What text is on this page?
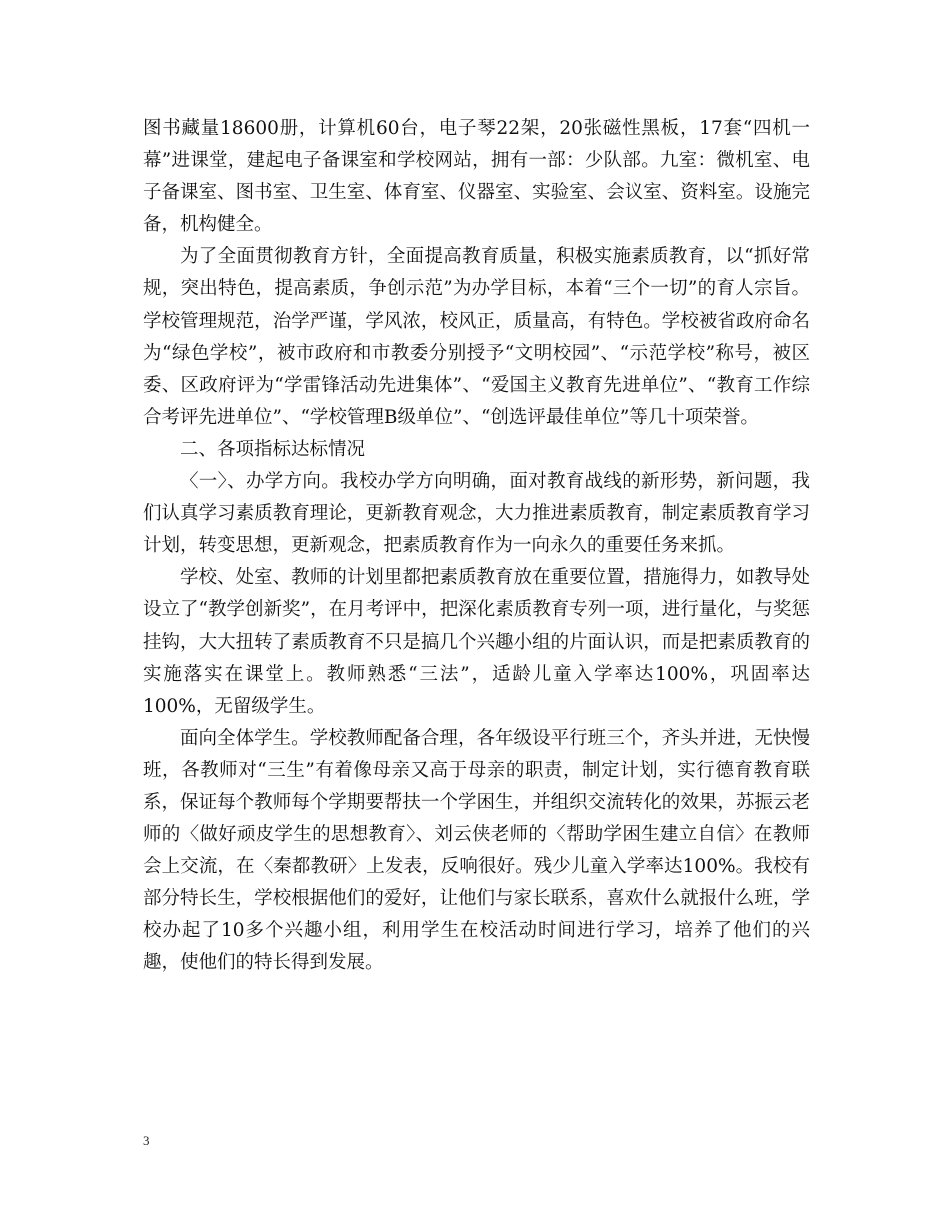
图书藏量18600册，计算机60台，电子琴22架，20张磁性黑板，17套“四机一幕”进课堂，建起电子备课室和学校网站，拥有一部：少队部。九室：微机室、电子备课室、图书室、卫生室、体育室、仪器室、实验室、会议室、资料室。设施完备，机构健全。

为了全面贯彻教育方针，全面提高教育质量，积极实施素质教育，以“抓好常规，突出特色，提高素质，争创示范”为办学目标，本着“三个一切”的育人宗旨。学校管理规范，治学严谨，学风浓，校风正，质量高，有特色。学校被省政府命名为“绿色学校”，被市政府和市教委分别授予“文明校园”、“示范学校”称号，被区委、区政府评为“学雷锋活动先进集体”、“爱国主义教育先进单位”、“教育工作综合考评先进单位”、“学校管理B级单位”、“创选评最佳单位”等几十项荣誉。

二、各项指标达标情况

〈一〉、办学方向。我校办学方向明确，面对教育战线的新形势，新问题，我们认真学习素质教育理论，更新教育观念，大力推进素质教育，制定素质教育学习计划，转变思想，更新观念，把素质教育作为一向永久的重要任务来抓。

学校、处室、教师的计划里都把素质教育放在重要位置，措施得力，如教导处设立了“教学创新奖”，在月考评中，把深化素质教育专列一项，进行量化，与奖惩挂钩，大大扭转了素质教育不只是搞几个兴趣小组的片面认识，而是把素质教育的实施落实在课堂上。教师熟悉“三法”，适龄儿童入学率达100%，巩固率达100%，无留级学生。

面向全体学生。学校教师配备合理，各年级设平行班三个，齐头并进，无快慢班，各教师对“三生”有着像母亲又高于母亲的职责，制定计划，实行德育教育联系，保证每个教师每个学期要帮扶一个学困生，并组织交流转化的效果，苏振云老师的〈做好顽皮学生的思想教育〉、刘云侠老师的〈帮助学困生建立自信〉在教师会上交流，在〈秦都教研〉上发表，反响很好。残少儿童入学率达100%。我校有部分特长生，学校根据他们的爱好，让他们与家长联系，喜欢什么就报什么班，学校办起了10多个兴趣小组，利用学生在校活动时间进行学习，培养了他们的兴趣，使他们的特长得到发展。

3
